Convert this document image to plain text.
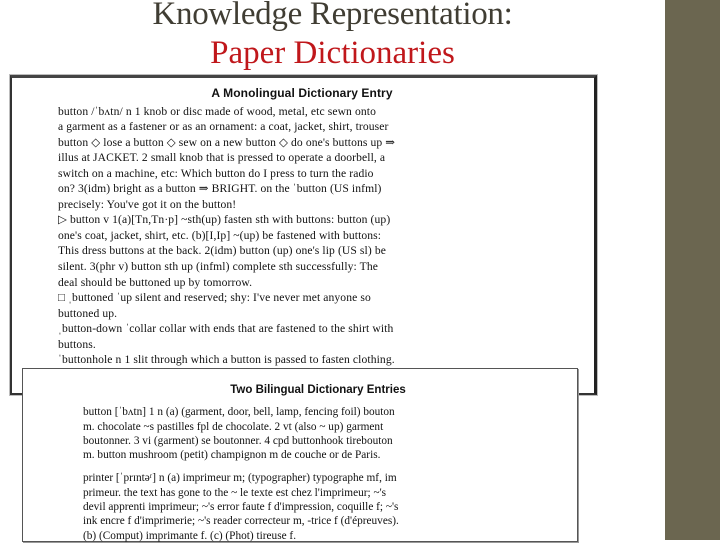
Knowledge Representation:
Paper Dictionaries
A Monolingual Dictionary Entry
button /ˈbʌtn/ n 1 knob or disc made of wood, metal, etc sewn onto
a garment as a fastener or as an ornament: a coat, jacket, shirt, trouser
button ◇ lose a button ◇ sew on a new button ◇ do one's buttons up ⇒
illus at JACKET. 2 small knob that is pressed to operate a doorbell, a
switch on a machine, etc: Which button do I press to turn the radio
on? 3(idm) bright as a button ⇒ BRIGHT. on the ˈbutton (US infml)
precisely: You've got it on the button!
▷ button v 1(a)[Tn,Tn·p] ~sth(up) fasten sth with buttons: button (up)
one's coat, jacket, shirt, etc. (b)[I,Ip] ~(up) be fastened with buttons:
This dress buttons at the back. 2(idm) button (up) one's lip (US sl) be
silent. 3(phr v) button sth up (infml) complete sth successfully: The
deal should be buttoned up by tomorrow.
□ ˌbuttoned ˈup silent and reserved; shy: I've never met anyone so
buttoned up.
ˌbutton-down ˈcollar collar with ends that are fastened to the shirt with
buttons.
ˈbuttonhole n 1 slit through which a button is passed to fasten clothing.
Two Bilingual Dictionary Entries
button [ˈbʌtn] 1 n (a) (garment, door, bell, lamp, fencing foil) bouton
m. chocolate ~s pastilles fpl de chocolate. 2 vt (also ~ up) garment
boutonner. 3 vi (garment) se boutonner. 4 cpd buttonhook tirebouton
m. button mushroom (petit) champignon m de couche or de Paris.
printer [ˈprɪntəʳ] n (a) imprimeur m; (typographer) typographe mf, im
primeur. the text has gone to the ~ le texte est chez l'imprimeur; ~'s
devil apprenti imprimeur; ~'s error faute f d'impression, coquille f; ~'s
ink encre f d'imprimerie; ~'s reader correcteur m, -trice f (d'épreuves).
(b) (Comput) imprimante f. (c) (Phot) tireuse f.
